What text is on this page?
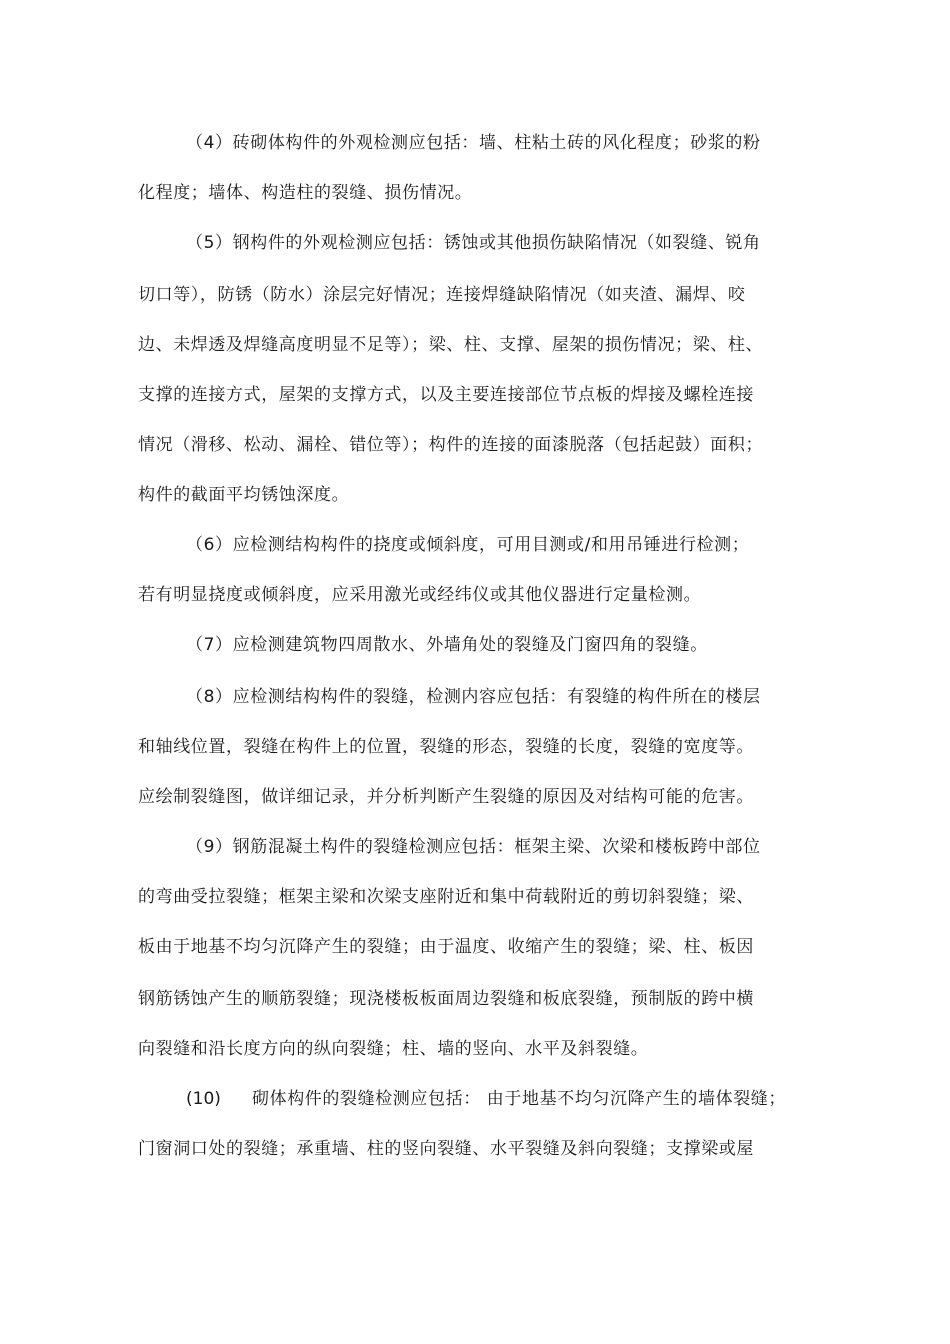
（4）砖砌体构件的外观检测应包括：墙、柱粘土砖的风化程度；砂浆的粉
化程度；墙体、构造柱的裂缝、损伤情况。
（5）钢构件的外观检测应包括：锈蚀或其他损伤缺陷情况（如裂缝、锐角
切口等），防锈（防水）涂层完好情况；连接焊缝缺陷情况（如夹渣、漏焊、咬
边、未焊透及焊缝高度明显不足等）；梁、柱、支撑、屋架的损伤情况；梁、柱、
支撑的连接方式，屋架的支撑方式，以及主要连接部位节点板的焊接及螺栓连接
情况（滑移、松动、漏栓、错位等）；构件的连接的面漆脱落（包括起鼓）面积；
构件的截面平均锈蚀深度。
（6）应检测结构构件的挠度或倾斜度，可用目测或/和用吊锤进行检测；
若有明显挠度或倾斜度，应采用激光或经纬仪或其他仪器进行定量检测。
（7）应检测建筑物四周散水、外墙角处的裂缝及门窗四角的裂缝。
（8）应检测结构构件的裂缝，检测内容应包括：有裂缝的构件所在的楼层
和轴线位置，裂缝在构件上的位置，裂缝的形态，裂缝的长度，裂缝的宽度等。
应绘制裂缝图，做详细记录，并分析判断产生裂缝的原因及对结构可能的危害。
（9）钢筋混凝土构件的裂缝检测应包括：框架主梁、次梁和楼板跨中部位
的弯曲受拉裂缝；框架主梁和次梁支座附近和集中荷载附近的剪切斜裂缝；梁、
板由于地基不均匀沉降产生的裂缝；由于温度、收缩产生的裂缝；梁、柱、板因
钢筋锈蚀产生的顺筋裂缝；现浇楼板板面周边裂缝和板底裂缝，预制版的跨中横
向裂缝和沿长度方向的纵向裂缝；柱、墙的竖向、水平及斜裂缝。
(10) 砌体构件的裂缝检测应包括： 由于地基不均匀沉降产生的墙体裂缝；
门窗洞口处的裂缝；承重墙、柱的竖向裂缝、水平裂缝及斜向裂缝；支撑梁或屋
